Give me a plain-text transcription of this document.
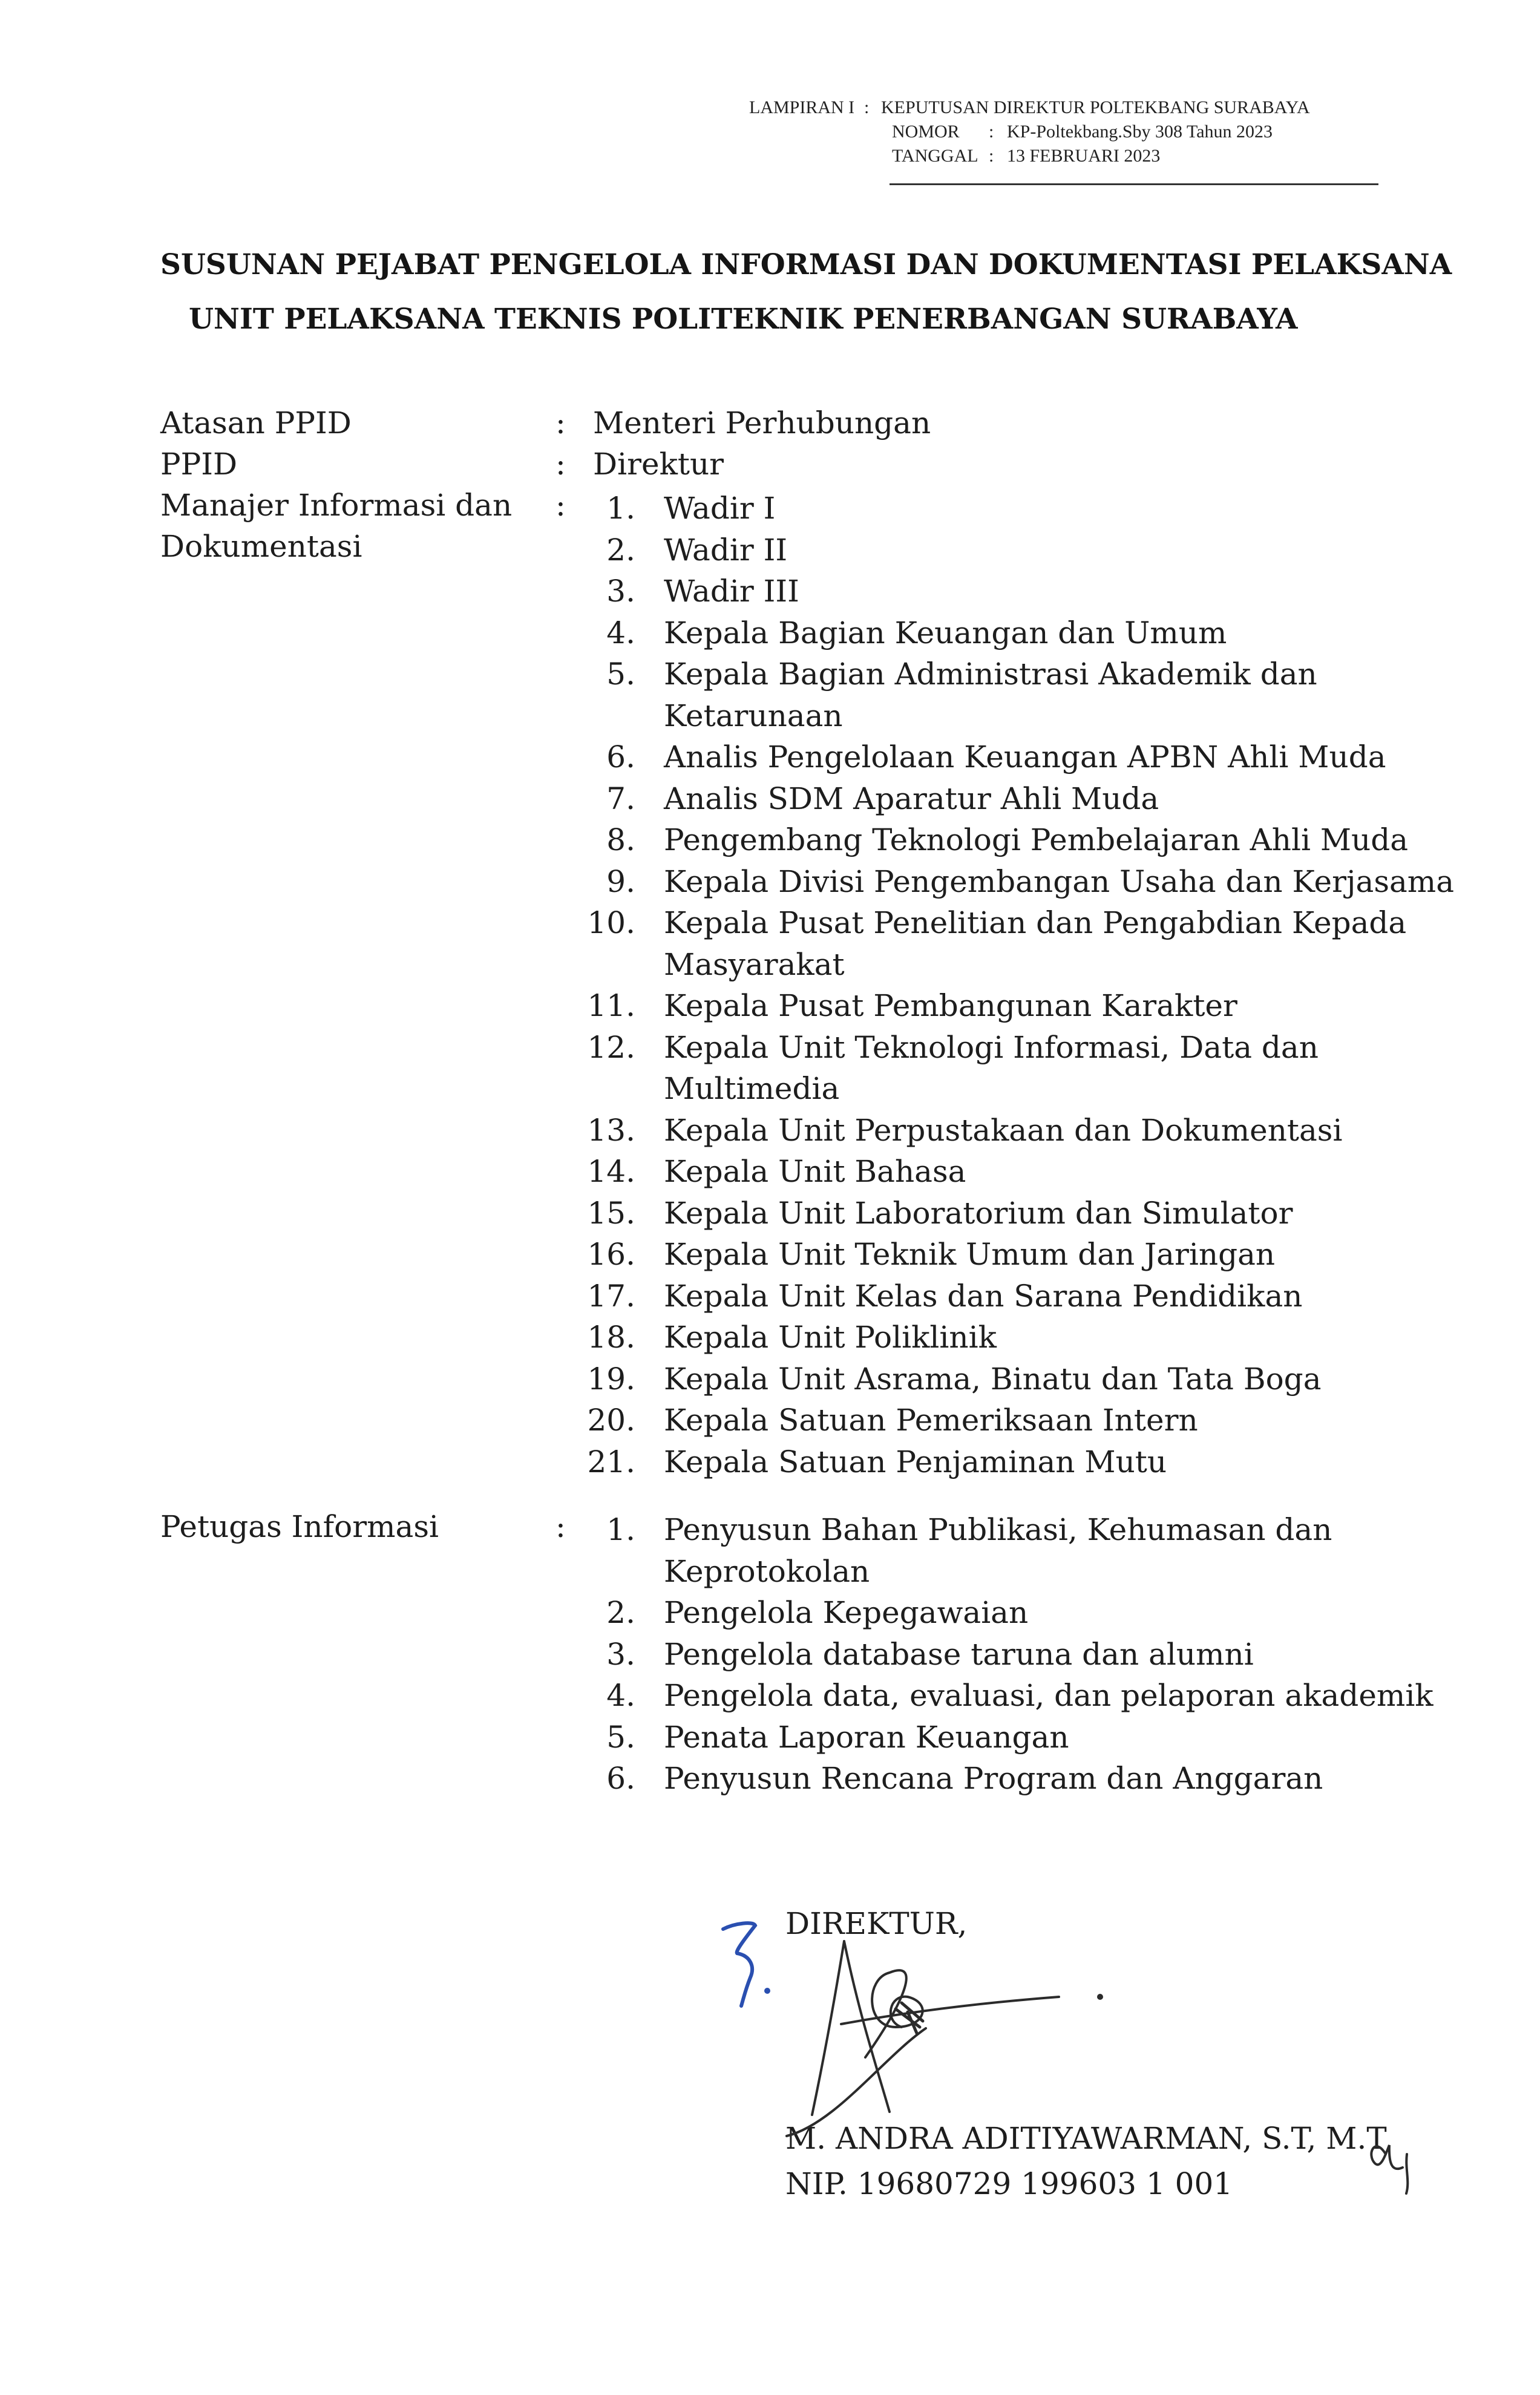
LAMPIRAN I : KEPUTUSAN DIREKTUR POLTEKBANG SURABAYA
NOMOR	: KP-Poltekbang.Sby 308 Tahun 2023
TANGGAL : 13 FEBRUARI 2023
SUSUNAN PEJABAT PENGELOLA INFORMASI DAN DOKUMENTASI PELAKSANA
UNIT PELAKSANA TEKNIS POLITEKNIK PENERBANGAN SURABAYA
Atasan PPID	: Menteri Perhubungan
PPID	: Direktur
Manajer Informasi dan
Dokumentasi
:	1. Wadir I
2. Wadir II
3. Wadir III
4. Kepala Bagian Keuangan dan Umum
5. Kepala Bagian Administrasi Akademik dan
Ketarunaan
6. Analis Pengelolaan Keuangan APBN Ahli Muda
7. Analis SDM Aparatur Ahli Muda
8. Pengembang Teknologi Pembelajaran Ahli Muda
9. Kepala Divisi Pengembangan Usaha dan Kerjasama
10. Kepala Pusat Penelitian dan Pengabdian Kepada
Masyarakat
11. Kepala Pusat Pembangunan Karakter
12. Kepala Unit Teknologi Informasi, Data dan
Multimedia
13. Kepala Unit Perpustakaan dan Dokumentasi
14. Kepala Unit Bahasa
15. Kepala Unit Laboratorium dan Simulator
16. Kepala Unit Teknik Umum dan Jaringan
17. Kepala Unit Kelas dan Sarana Pendidikan
18. Kepala Unit Poliklinik
19. Kepala Unit Asrama, Binatu dan Tata Boga
20. Kepala Satuan Pemeriksaan Intern
21. Kepala Satuan Penjaminan Mutu
Petugas Informasi	:	1. Penyusun Bahan Publikasi, Kehumasan dan
Keprotokolan
2. Pengelola Kepegawaian
3. Pengelola database taruna dan alumni
4. Pengelola data, evaluasi, dan pelaporan akademik
5. Penata Laporan Keuangan
6. Penyusun Rencana Program dan Anggaran
DIREKTUR,
M. ANDRA ADITIYAWARMAN, S.T, M.T
NIP. 19680729 199603 1 001
